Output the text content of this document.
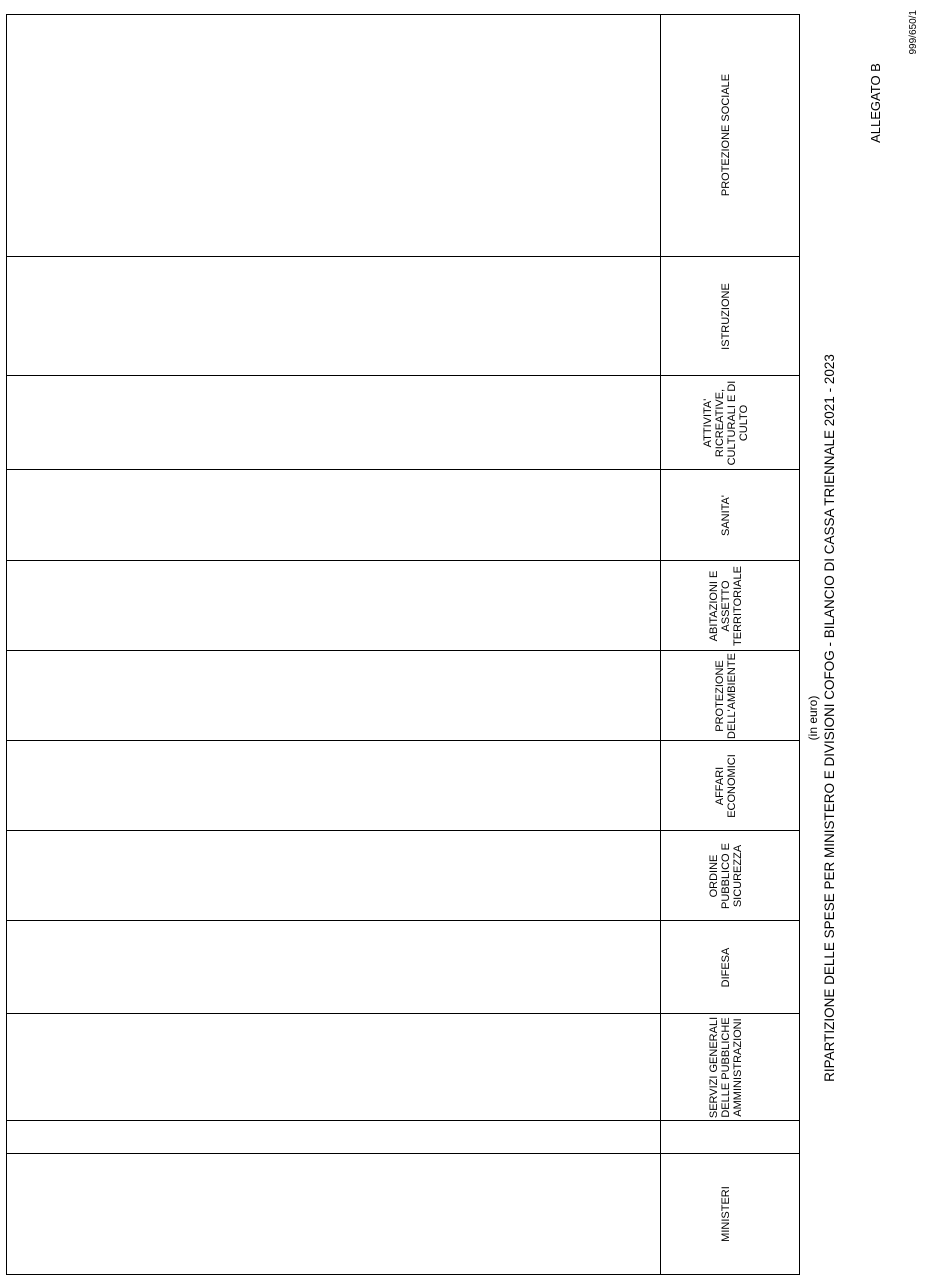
999/650/1
ALLEGATO B
RIPARTIZIONE DELLE SPESE PER MINISTERO E DIVISIONI COFOG - BILANCIO DI CASSA TRIENNALE 2021 - 2023
(in euro)
MINISTERI
SERVIZI GENERALI DELLE PUBBLICHE AMMINISTRAZIONI
DIFESA
ORDINE PUBBLICO E SICUREZZA
AFFARI ECONOMICI
PROTEZIONE DELL'AMBIENTE
ABITAZIONI E ASSETTO TERRITORIALE
SANITA'
ATTIVITA' RICREATIVE, CULTURALI E DI CULTO
ISTRUZIONE
PROTEZIONE SOCIALE
